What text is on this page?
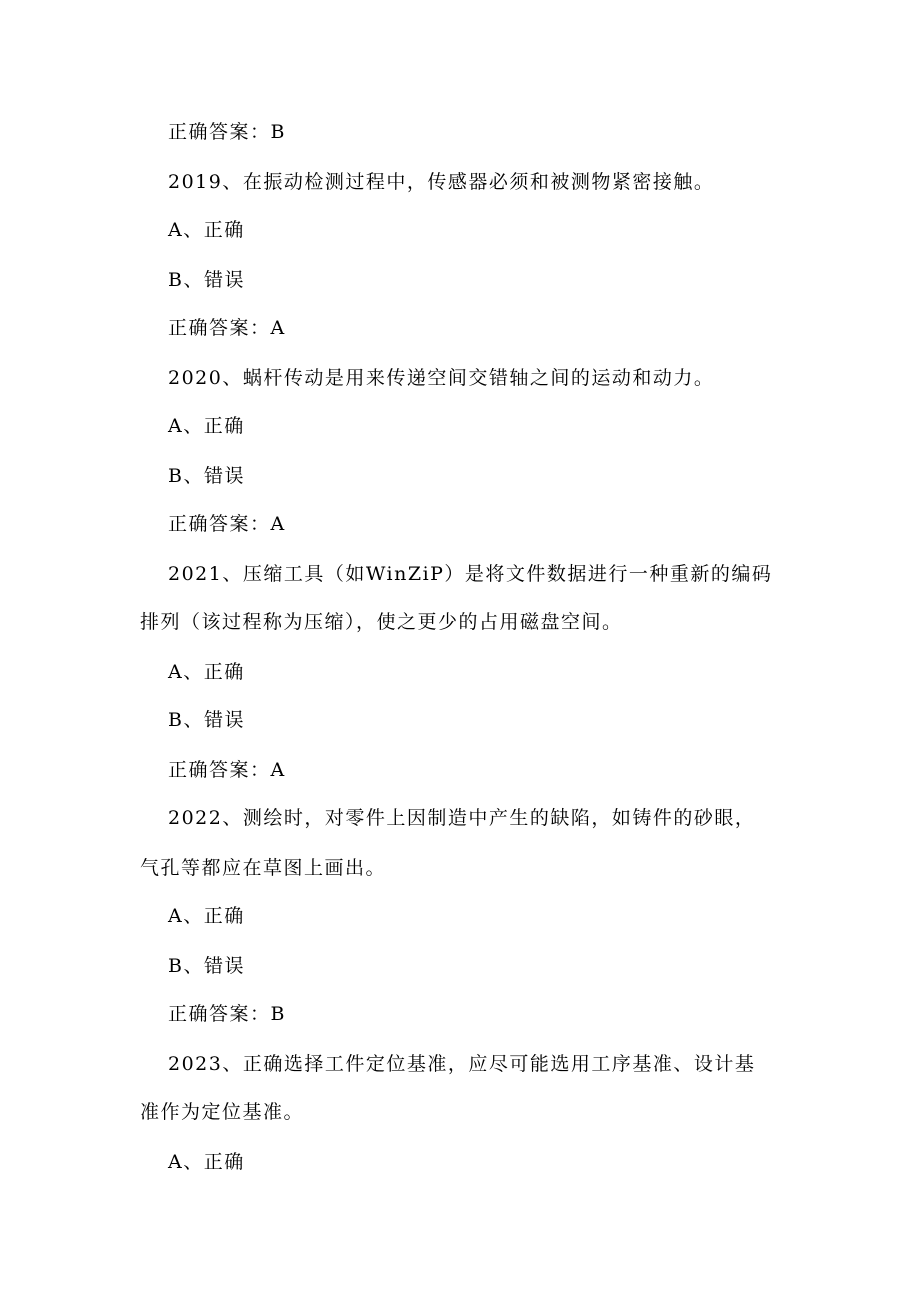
正确答案：B
2019、在振动检测过程中，传感器必须和被测物紧密接触。
A、正确
B、错误
正确答案：A
2020、蜗杆传动是用来传递空间交错轴之间的运动和动力。
A、正确
B、错误
正确答案：A
2021、压缩工具（如WinZiP）是将文件数据进行一种重新的编码
排列（该过程称为压缩），使之更少的占用磁盘空间。
A、正确
B、错误
正确答案：A
2022、测绘时，对零件上因制造中产生的缺陷，如铸件的砂眼，
气孔等都应在草图上画出。
A、正确
B、错误
正确答案：B
2023、正确选择工件定位基准，应尽可能选用工序基准、设计基
准作为定位基准。
A、正确
